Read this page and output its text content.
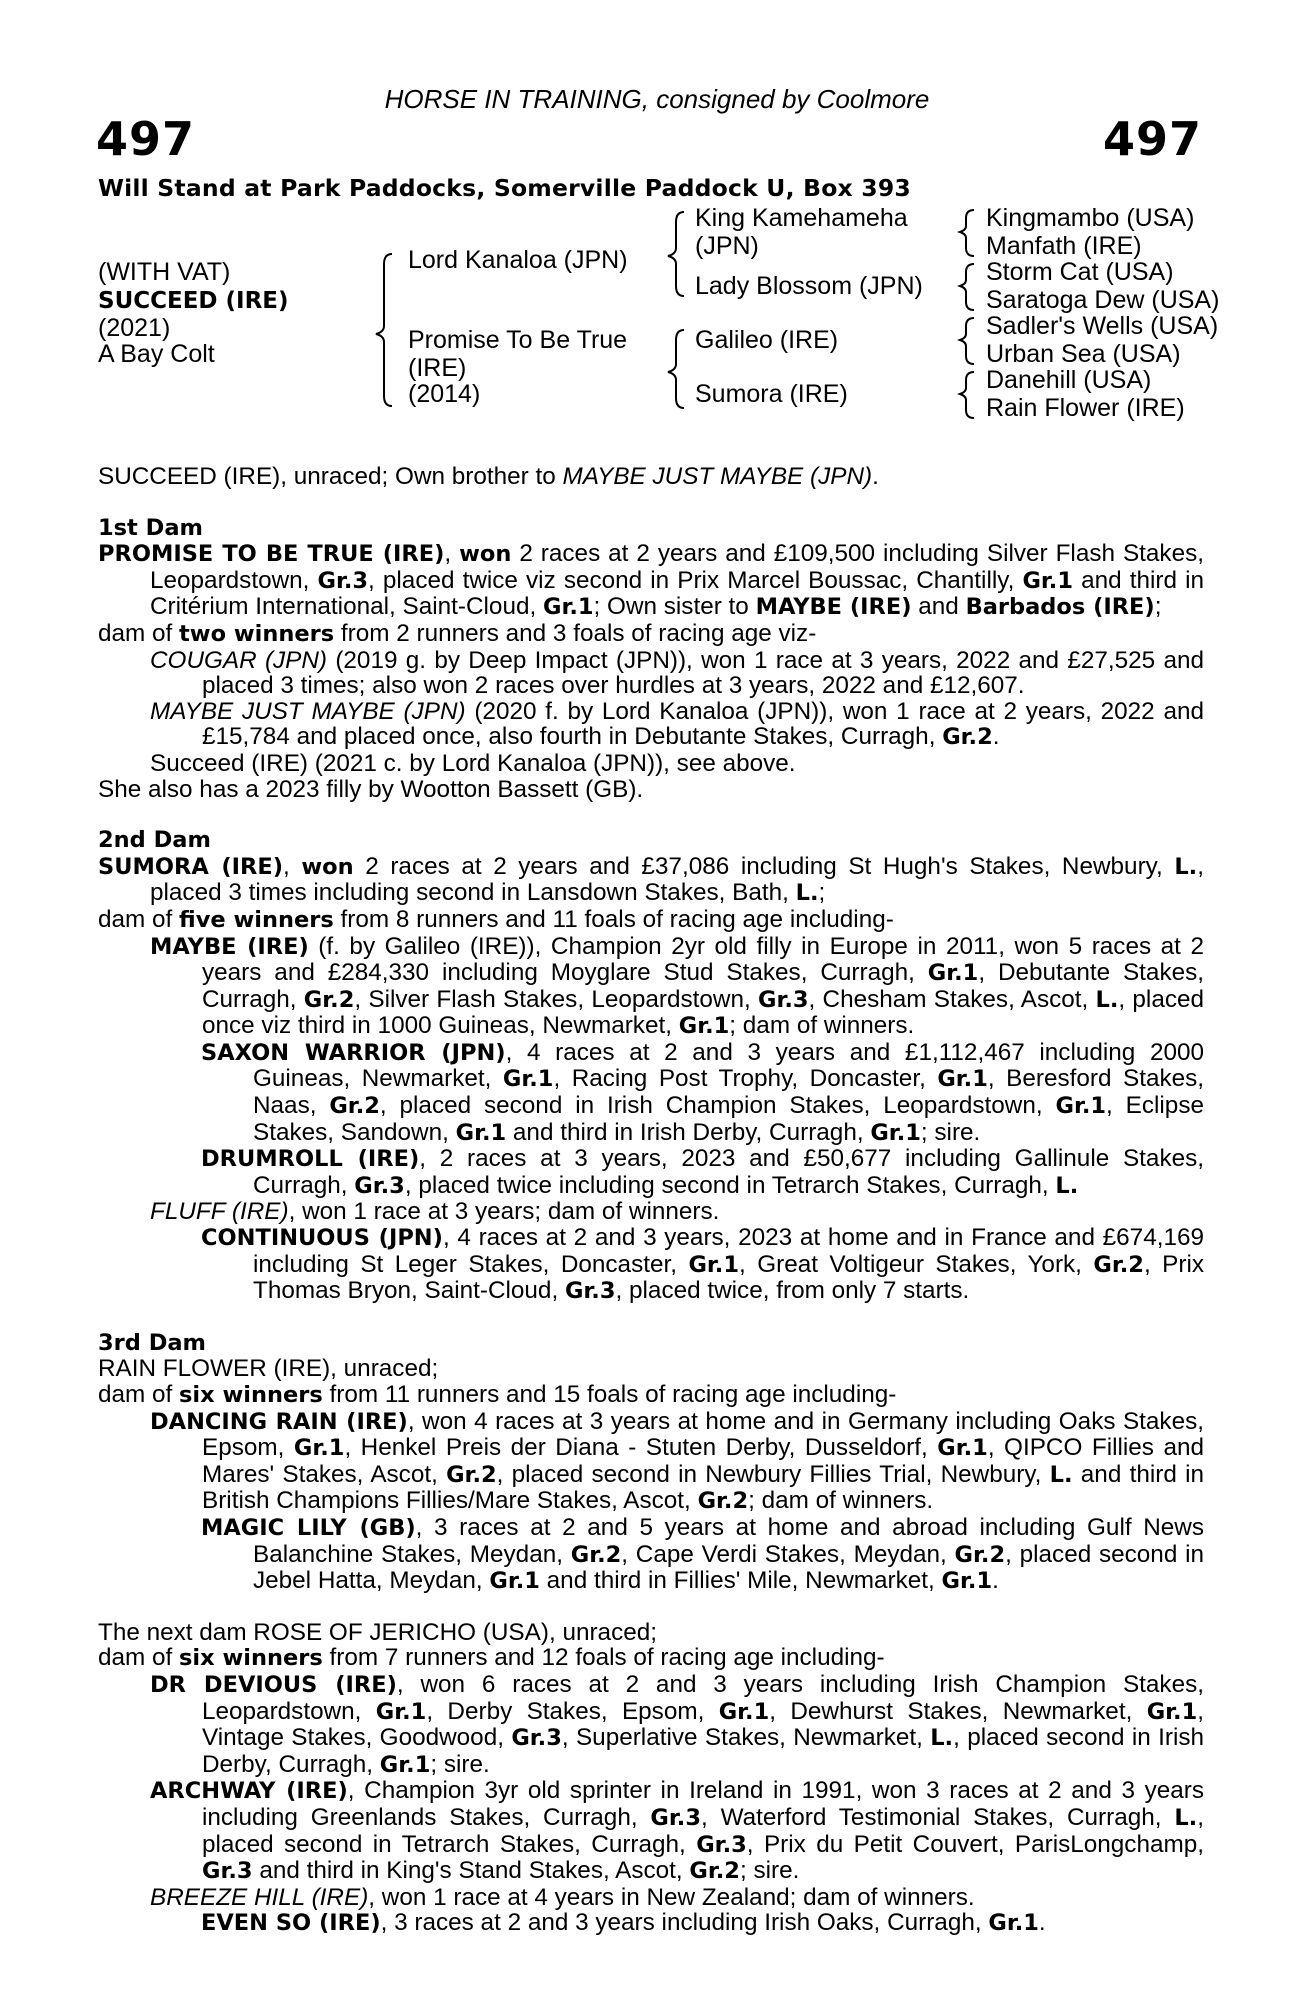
HORSE IN TRAINING, consigned by Coolmore
497	497
Will Stand at Park Paddocks, Somerville Paddock U, Box 393
(WITH VAT)
SUCCEED (IRE)
(2021)
A Bay Colt
Lord Kanaloa (JPN)
Promise To Be True
(IRE)
(2014)
King Kamehameha
(JPN)
Lady Blossom (JPN)
Galileo (IRE)
Sumora (IRE)
Kingmambo (USA)
Manfath (IRE)
Storm Cat (USA)
Saratoga Dew (USA)
Sadler's Wells (USA)
Urban Sea (USA)
Danehill (USA)
Rain Flower (IRE)

SUCCEED (IRE), unraced; Own brother to MAYBE JUST MAYBE (JPN).

1st Dam

PROMISE TO BE TRUE (IRE), won 2 races at 2 years and £109,500 including Silver Flash Stakes, Leopardstown, Gr.3, placed twice viz second in Prix Marcel Boussac, Chantilly, Gr.1 and third in Critérium International, Saint-Cloud, Gr.1; Own sister to MAYBE (IRE) and Barbados (IRE);

dam of two winners from 2 runners and 3 foals of racing age viz-

COUGAR (JPN) (2019 g. by Deep Impact (JPN)), won 1 race at 3 years, 2022 and £27,525 and placed 3 times; also won 2 races over hurdles at 3 years, 2022 and £12,607.

MAYBE JUST MAYBE (JPN) (2020 f. by Lord Kanaloa (JPN)), won 1 race at 2 years, 2022 and £15,784 and placed once, also fourth in Debutante Stakes, Curragh, Gr.2.

Succeed (IRE) (2021 c. by Lord Kanaloa (JPN)), see above.

She also has a 2023 filly by Wootton Bassett (GB).

2nd Dam

SUMORA (IRE), won 2 races at 2 years and £37,086 including St Hugh's Stakes, Newbury, L., placed 3 times including second in Lansdown Stakes, Bath, L.;

dam of five winners from 8 runners and 11 foals of racing age including-

MAYBE (IRE) (f. by Galileo (IRE)), Champion 2yr old filly in Europe in 2011, won 5 races at 2 years and £284,330 including Moyglare Stud Stakes, Curragh, Gr.1, Debutante Stakes, Curragh, Gr.2, Silver Flash Stakes, Leopardstown, Gr.3, Chesham Stakes, Ascot, L., placed once viz third in 1000 Guineas, Newmarket, Gr.1; dam of winners.

SAXON WARRIOR (JPN), 4 races at 2 and 3 years and £1,112,467 including 2000 Guineas, Newmarket, Gr.1, Racing Post Trophy, Doncaster, Gr.1, Beresford Stakes, Naas, Gr.2, placed second in Irish Champion Stakes, Leopardstown, Gr.1, Eclipse Stakes, Sandown, Gr.1 and third in Irish Derby, Curragh, Gr.1; sire.

DRUMROLL (IRE), 2 races at 3 years, 2023 and £50,677 including Gallinule Stakes, Curragh, Gr.3, placed twice including second in Tetrarch Stakes, Curragh, L.

FLUFF (IRE), won 1 race at 3 years; dam of winners.

CONTINUOUS (JPN), 4 races at 2 and 3 years, 2023 at home and in France and £674,169 including St Leger Stakes, Doncaster, Gr.1, Great Voltigeur Stakes, York, Gr.2, Prix Thomas Bryon, Saint-Cloud, Gr.3, placed twice, from only 7 starts.

3rd Dam

RAIN FLOWER (IRE), unraced;

dam of six winners from 11 runners and 15 foals of racing age including-

DANCING RAIN (IRE), won 4 races at 3 years at home and in Germany including Oaks Stakes, Epsom, Gr.1, Henkel Preis der Diana - Stuten Derby, Dusseldorf, Gr.1, QIPCO Fillies and Mares' Stakes, Ascot, Gr.2, placed second in Newbury Fillies Trial, Newbury, L. and third in British Champions Fillies/Mare Stakes, Ascot, Gr.2; dam of winners.

MAGIC LILY (GB), 3 races at 2 and 5 years at home and abroad including Gulf News Balanchine Stakes, Meydan, Gr.2, Cape Verdi Stakes, Meydan, Gr.2, placed second in Jebel Hatta, Meydan, Gr.1 and third in Fillies' Mile, Newmarket, Gr.1.

The next dam ROSE OF JERICHO (USA), unraced;

dam of six winners from 7 runners and 12 foals of racing age including-

DR DEVIOUS (IRE), won 6 races at 2 and 3 years including Irish Champion Stakes, Leopardstown, Gr.1, Derby Stakes, Epsom, Gr.1, Dewhurst Stakes, Newmarket, Gr.1, Vintage Stakes, Goodwood, Gr.3, Superlative Stakes, Newmarket, L., placed second in Irish Derby, Curragh, Gr.1; sire.

ARCHWAY (IRE), Champion 3yr old sprinter in Ireland in 1991, won 3 races at 2 and 3 years including Greenlands Stakes, Curragh, Gr.3, Waterford Testimonial Stakes, Curragh, L., placed second in Tetrarch Stakes, Curragh, Gr.3, Prix du Petit Couvert, ParisLongchamp, Gr.3 and third in King's Stand Stakes, Ascot, Gr.2; sire.

BREEZE HILL (IRE), won 1 race at 4 years in New Zealand; dam of winners.

EVEN SO (IRE), 3 races at 2 and 3 years including Irish Oaks, Curragh, Gr.1.
